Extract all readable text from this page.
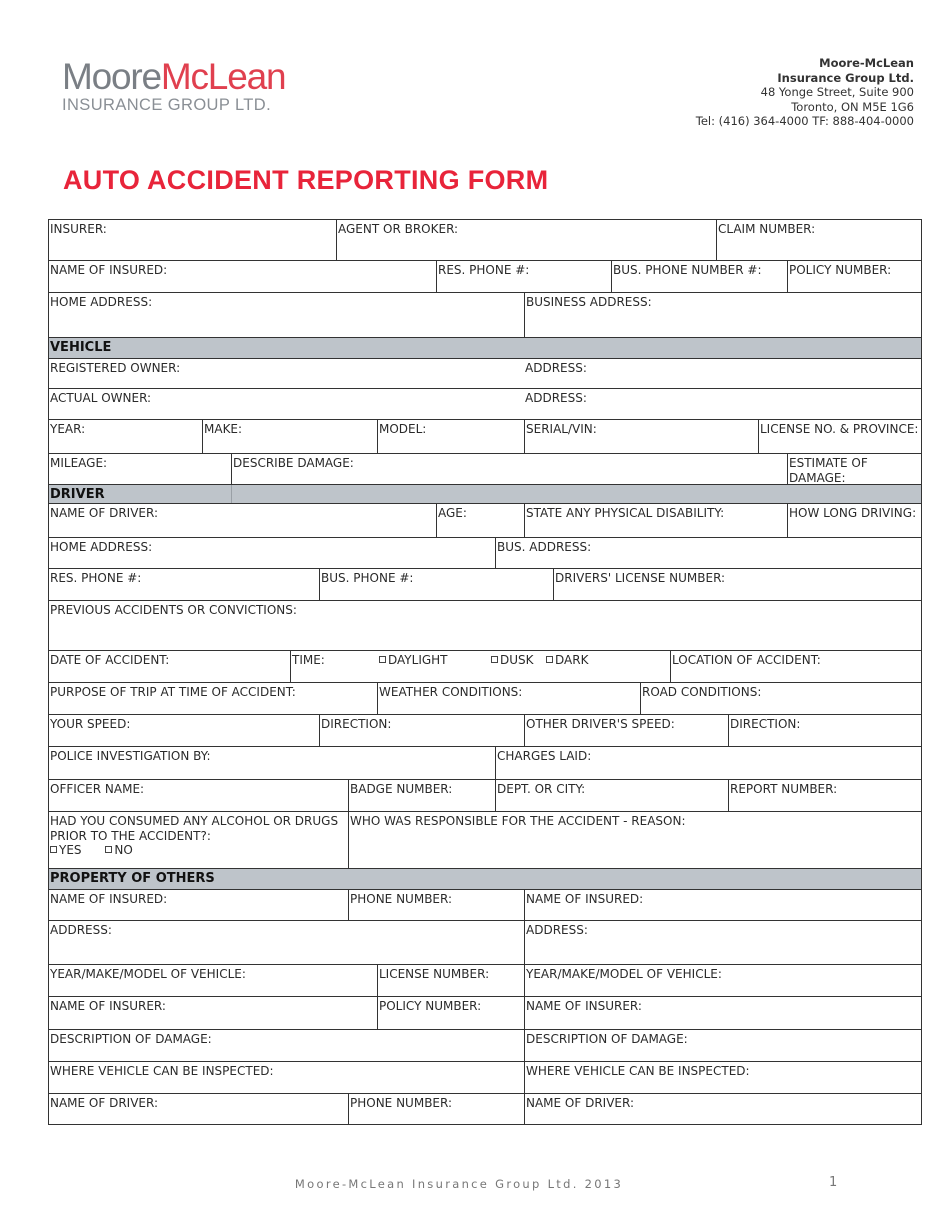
MooreMcLean
INSURANCE GROUP LTD.
Moore-McLean
Insurance Group Ltd.
48 Yonge Street, Suite 900
Toronto, ON M5E 1G6
Tel: (416) 364-4000 TF: 888-404-0000
AUTO ACCIDENT REPORTING FORM
INSURER:	AGENT OR BROKER:	CLAIM NUMBER:
NAME OF INSURED:	RES. PHONE #:	BUS. PHONE NUMBER #:	POLICY NUMBER:
HOME ADDRESS:	BUSINESS ADDRESS:
VEHICLE
REGISTERED OWNER:	ADDRESS:
ACTUAL OWNER:	ADDRESS:
YEAR:	MAKE:	MODEL:	SERIAL/VIN:	LICENSE NO. & PROVINCE:
MILEAGE:	DESCRIBE DAMAGE:	ESTIMATE OF DAMAGE:
DRIVER
NAME OF DRIVER:	AGE:	STATE ANY PHYSICAL DISABILITY:	HOW LONG DRIVING:
HOME ADDRESS:	BUS. ADDRESS:
RES. PHONE #:	BUS. PHONE #:	DRIVERS' LICENSE NUMBER:
PREVIOUS ACCIDENTS OR CONVICTIONS:
DATE OF ACCIDENT:	TIME:	DAYLIGHT	DUSK	DARK	LOCATION OF ACCIDENT:
PURPOSE OF TRIP AT TIME OF ACCIDENT:	WEATHER CONDITIONS:	ROAD CONDITIONS:
YOUR SPEED:	DIRECTION:	OTHER DRIVER'S SPEED:	DIRECTION:
POLICE INVESTIGATION BY:	CHARGES LAID:
OFFICER NAME:	BADGE NUMBER:	DEPT. OR CITY:	REPORT NUMBER:
HAD YOU CONSUMED ANY ALCOHOL OR DRUGS PRIOR TO THE ACCIDENT?:
YES	NO
WHO WAS RESPONSIBLE FOR THE ACCIDENT - REASON:
PROPERTY OF OTHERS
NAME OF INSURED:	PHONE NUMBER:	NAME OF INSURED:
ADDRESS:	ADDRESS:
YEAR/MAKE/MODEL OF VEHICLE:	LICENSE NUMBER:	YEAR/MAKE/MODEL OF VEHICLE:
NAME OF INSURER:	POLICY NUMBER:	NAME OF INSURER:
DESCRIPTION OF DAMAGE:	DESCRIPTION OF DAMAGE:
WHERE VEHICLE CAN BE INSPECTED:	WHERE VEHICLE CAN BE INSPECTED:
NAME OF DRIVER:	PHONE NUMBER:	NAME OF DRIVER:
Moore-McLean Insurance Group Ltd. 2013	1
